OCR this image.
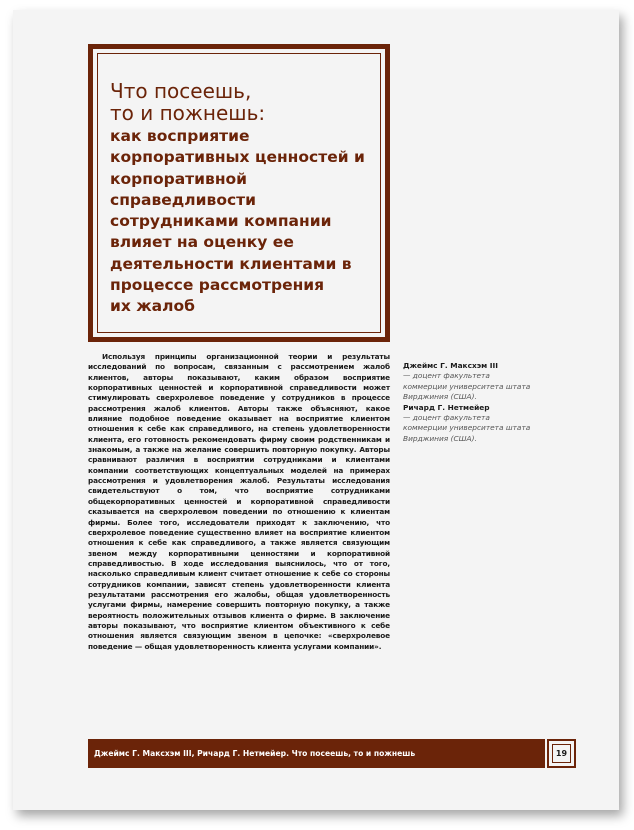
Что посеешь,
то и пожнешь:
как восприятие
корпоративных ценностей и
корпоративной
справедливости
сотрудниками компании
влияет на оценку ее
деятельности клиентами в
процессе рассмотрения
их жалоб

Используя принципы организационной теории и результаты исследований по вопросам, связанным с рассмотрением жалоб клиентов, авторы показывают, каким образом восприятие корпоративных ценностей и корпоративной справедливости может стимулировать сверхролевое поведение у сотрудников в процессе рассмотрения жалоб клиентов. Авторы также объясняют, какое влияние подобное поведение оказывает на восприятие клиентом отношения к себе как справедливого, на степень удовлетворенности клиента, его готовность рекомендовать фирму своим родственникам и знакомым, а также на желание совершить повторную покупку. Авторы сравнивают различия в восприятии сотрудниками и клиентами компании соответствующих концептуальных моделей на примерах рассмотрения и удовлетворения жалоб. Результаты исследования свидетельствуют о том, что восприятие сотрудниками общекорпоративных ценностей и корпоративной справедливости сказывается на сверхролевом поведении по отношению к клиентам фирмы. Более того, исследователи приходят к заключению, что сверхролевое поведение существенно влияет на восприятие клиентом отношения к себе как справедливого, а также является связующим звеном между корпоративными ценностями и корпоративной справедливостью. В ходе исследования выяснилось, что от того, насколько справедливым клиент считает отношение к себе со стороны сотрудников компании, зависят степень удовлетворенности клиента результатами рассмотрения его жалобы, общая удовлетворенность услугами фирмы, намерение совершить повторную покупку, а также вероятность положительных отзывов клиента о фирме. В заключение авторы показывают, что восприятие клиентом объективного к себе отношения является связующим звеном в цепочке: «сверхролевое поведение — общая удовлетворенность клиента услугами компании».

Джеймс Г. Максхэм III
— доцент факультета
коммерции университета штата
Вирджиния (США).
Ричард Г. Нетмейер
— доцент факультета
коммерции университета штата
Вирджиния (США).
Джеймс Г. Максхэм III, Ричард Г. Нетмейер. Что посеешь, то и пожнешь	19
